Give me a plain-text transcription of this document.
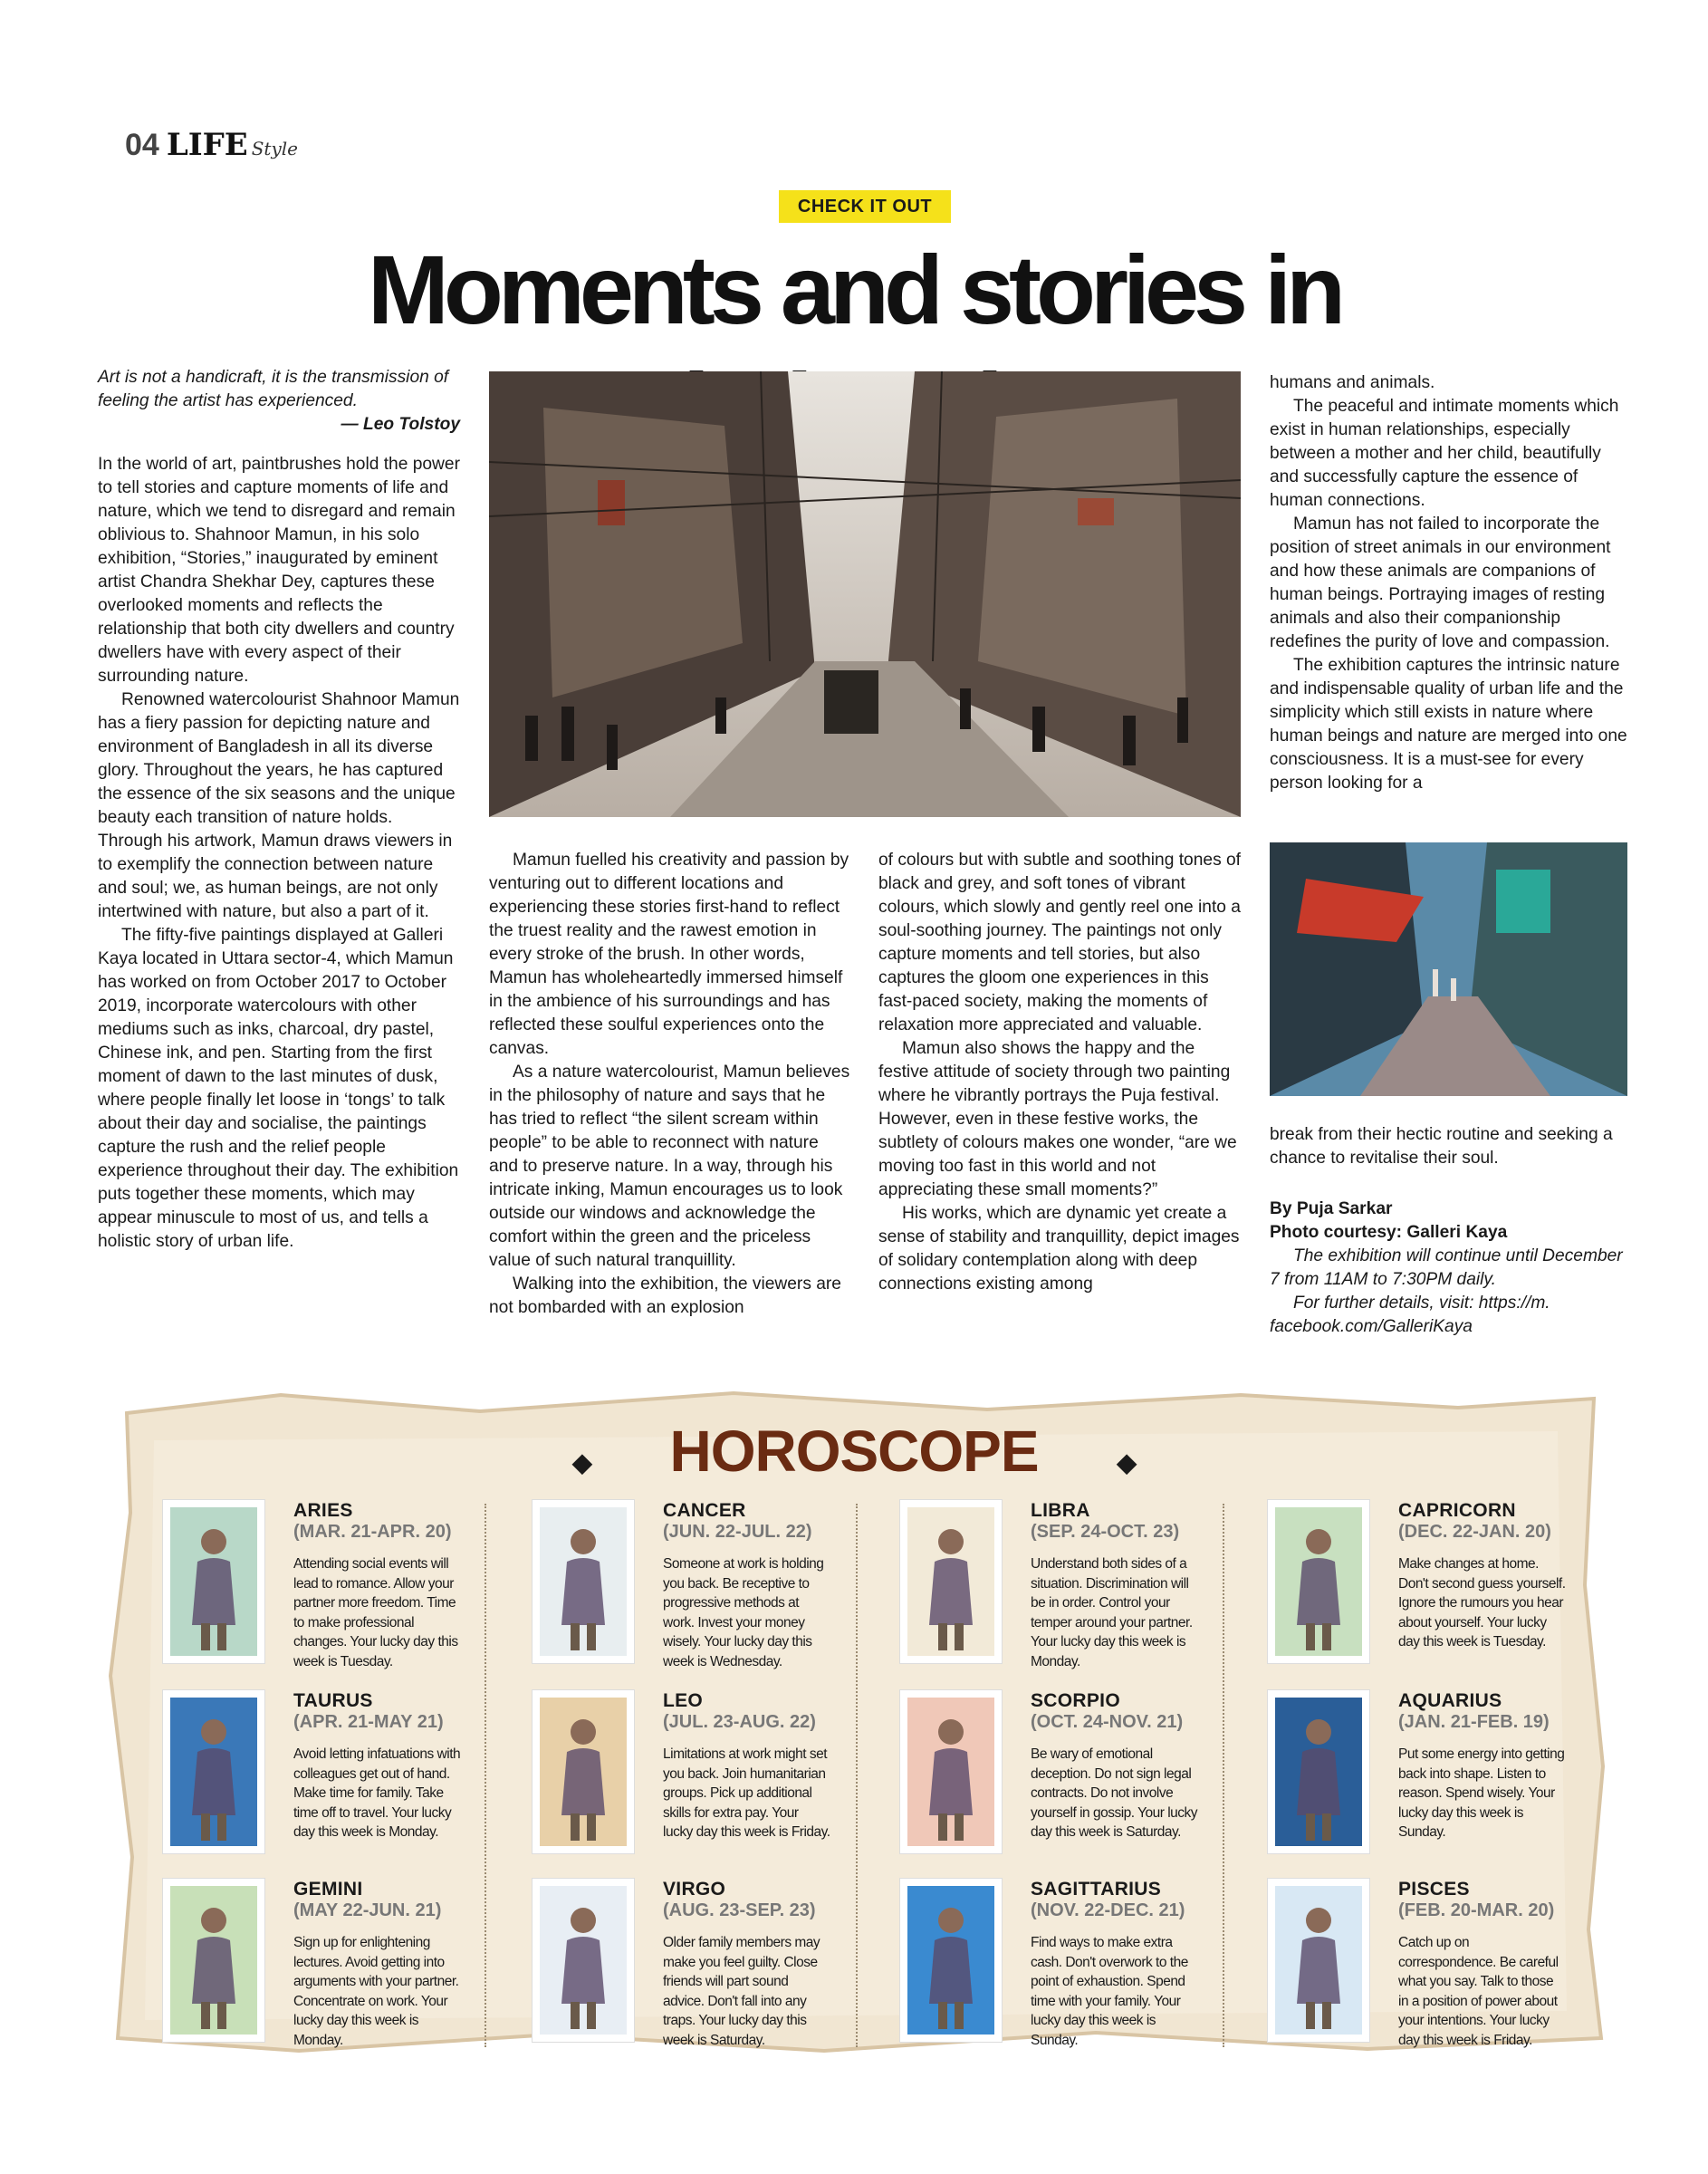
04 LIFE Style
CHECK IT OUT
Moments and stories in
Art is not a handicraft, it is the transmission of feeling the artist has experienced.
— Leo Tolstoy

In the world of art, paintbrushes hold the power to tell stories and capture moments of life and nature, which we tend to disregard and remain oblivious to. Shahnoor Mamun, in his solo exhibition, “Stories,” inaugurated by eminent artist Chandra Shekhar Dey, captures these overlooked moments and reflects the relationship that both city dwellers and country dwellers have with every aspect of their surrounding nature.

Renowned watercolourist Shahnoor Mamun has a fiery passion for depicting nature and environment of Bangladesh in all its diverse glory. Throughout the years, he has captured the essence of the six seasons and the unique beauty each transition of nature holds. Through his artwork, Mamun draws viewers in to exemplify the connection between nature and soul; we, as human beings, are not only intertwined with nature, but also a part of it.

The fifty-five paintings displayed at Galleri Kaya located in Uttara sector-4, which Mamun has worked on from October 2017 to October 2019, incorporate watercolours with other mediums such as inks, charcoal, dry pastel, Chinese ink, and pen. Starting from the first moment of dawn to the last minutes of dusk, where people finally let loose in ‘tongs’ to talk about their day and socialise, the paintings capture the rush and the relief people experience throughout their day. The exhibition puts together these moments, which may appear minuscule to most of us, and tells a holistic story of urban life.

Mamun fuelled his creativity and passion by venturing out to different locations and experiencing these stories first-hand to reflect the truest reality and the rawest emotion in every stroke of the brush. In other words, Mamun has wholeheartedly immersed himself in the ambience of his surroundings and has reflected these soulful experiences onto the canvas.

As a nature watercolourist, Mamun believes in the philosophy of nature and says that he has tried to reflect “the silent scream within people” to be able to reconnect with nature and to preserve nature. In a way, through his intricate inking, Mamun encourages us to look outside our windows and acknowledge the comfort within the green and the priceless value of such natural tranquillity.

Walking into the exhibition, the viewers are not bombarded with an explosion

of colours but with subtle and soothing tones of black and grey, and soft tones of vibrant colours, which slowly and gently reel one into a soul-soothing journey. The paintings not only capture moments and tell stories, but also captures the gloom one experiences in this fast-paced society, making the moments of relaxation more appreciated and valuable.

Mamun also shows the happy and the festive attitude of society through two painting where he vibrantly portrays the Puja festival. However, even in these festive works, the subtlety of colours makes one wonder, “are we moving too fast in this world and not appreciating these small moments?”

His works, which are dynamic yet create a sense of stability and tranquillity, depict images of solidary contemplation along with deep connections existing among

humans and animals.

The peaceful and intimate moments which exist in human relationships, especially between a mother and her child, beautifully and successfully capture the essence of human connections.

Mamun has not failed to incorporate the position of street animals in our environment and how these animals are companions of human beings. Portraying images of resting animals and also their companionship redefines the purity of love and compassion.

The exhibition captures the intrinsic nature and indispensable quality of urban life and the simplicity which still exists in nature where human beings and nature are merged into one consciousness. It is a must-see for every person looking for a

break from their hectic routine and seeking a chance to revitalise their soul.

By Puja Sarkar

Photo courtesy: Galleri Kaya

The exhibition will continue until December 7 from 11AM to 7:30PM daily.

For further details, visit: https://m. facebook.com/GalleriKaya

◆ HOROSCOPE	◆
ARIES
(MAR. 21-APR. 20)
Attending social events will lead to romance. Allow your partner more freedom. Time to make professional changes. Your lucky day this week is Tuesday.
CANCER
(JUN. 22-JUL. 22)
Someone at work is holding you back. Be receptive to progressive methods at work. Invest your money wisely. Your lucky day this week is Wednesday.
LIBRA
(SEP. 24-OCT. 23)
Understand both sides of a situation. Discrimination will be in order. Control your temper around your partner. Your lucky day this week is Monday.
CAPRICORN
(DEC. 22-JAN. 20)
Make changes at home. Don't second guess yourself. Ignore the rumours you hear about yourself. Your lucky day this week is Tuesday.
TAURUS
(APR. 21-MAY 21)
Avoid letting infatuations with colleagues get out of hand. Make time for family. Take time off to travel. Your lucky day this week is Monday.
LEO
(JUL. 23-AUG. 22)
Limitations at work might set you back. Join humanitarian groups. Pick up additional skills for extra pay. Your lucky day this week is Friday.
SCORPIO
(OCT. 24-NOV. 21)
Be wary of emotional deception. Do not sign legal contracts. Do not involve yourself in gossip. Your lucky day this week is Saturday.
AQUARIUS
(JAN. 21-FEB. 19)
Put some energy into getting back into shape. Listen to reason. Spend wisely. Your lucky day this week is Sunday.
GEMINI
(MAY 22-JUN. 21)
Sign up for enlightening lectures. Avoid getting into arguments with your partner. Concentrate on work. Your lucky day this week is Monday.
VIRGO
(AUG. 23-SEP. 23)
Older family members may make you feel guilty. Close friends will part sound advice. Don't fall into any traps. Your lucky day this week is Saturday.
SAGITTARIUS
(NOV. 22-DEC. 21)
Find ways to make extra cash. Don't overwork to the point of exhaustion. Spend time with your family. Your lucky day this week is Sunday.
PISCES
(FEB. 20-MAR. 20)
Catch up on correspondence. Be careful what you say. Talk to those in a position of power about your intentions. Your lucky day this week is Friday.
